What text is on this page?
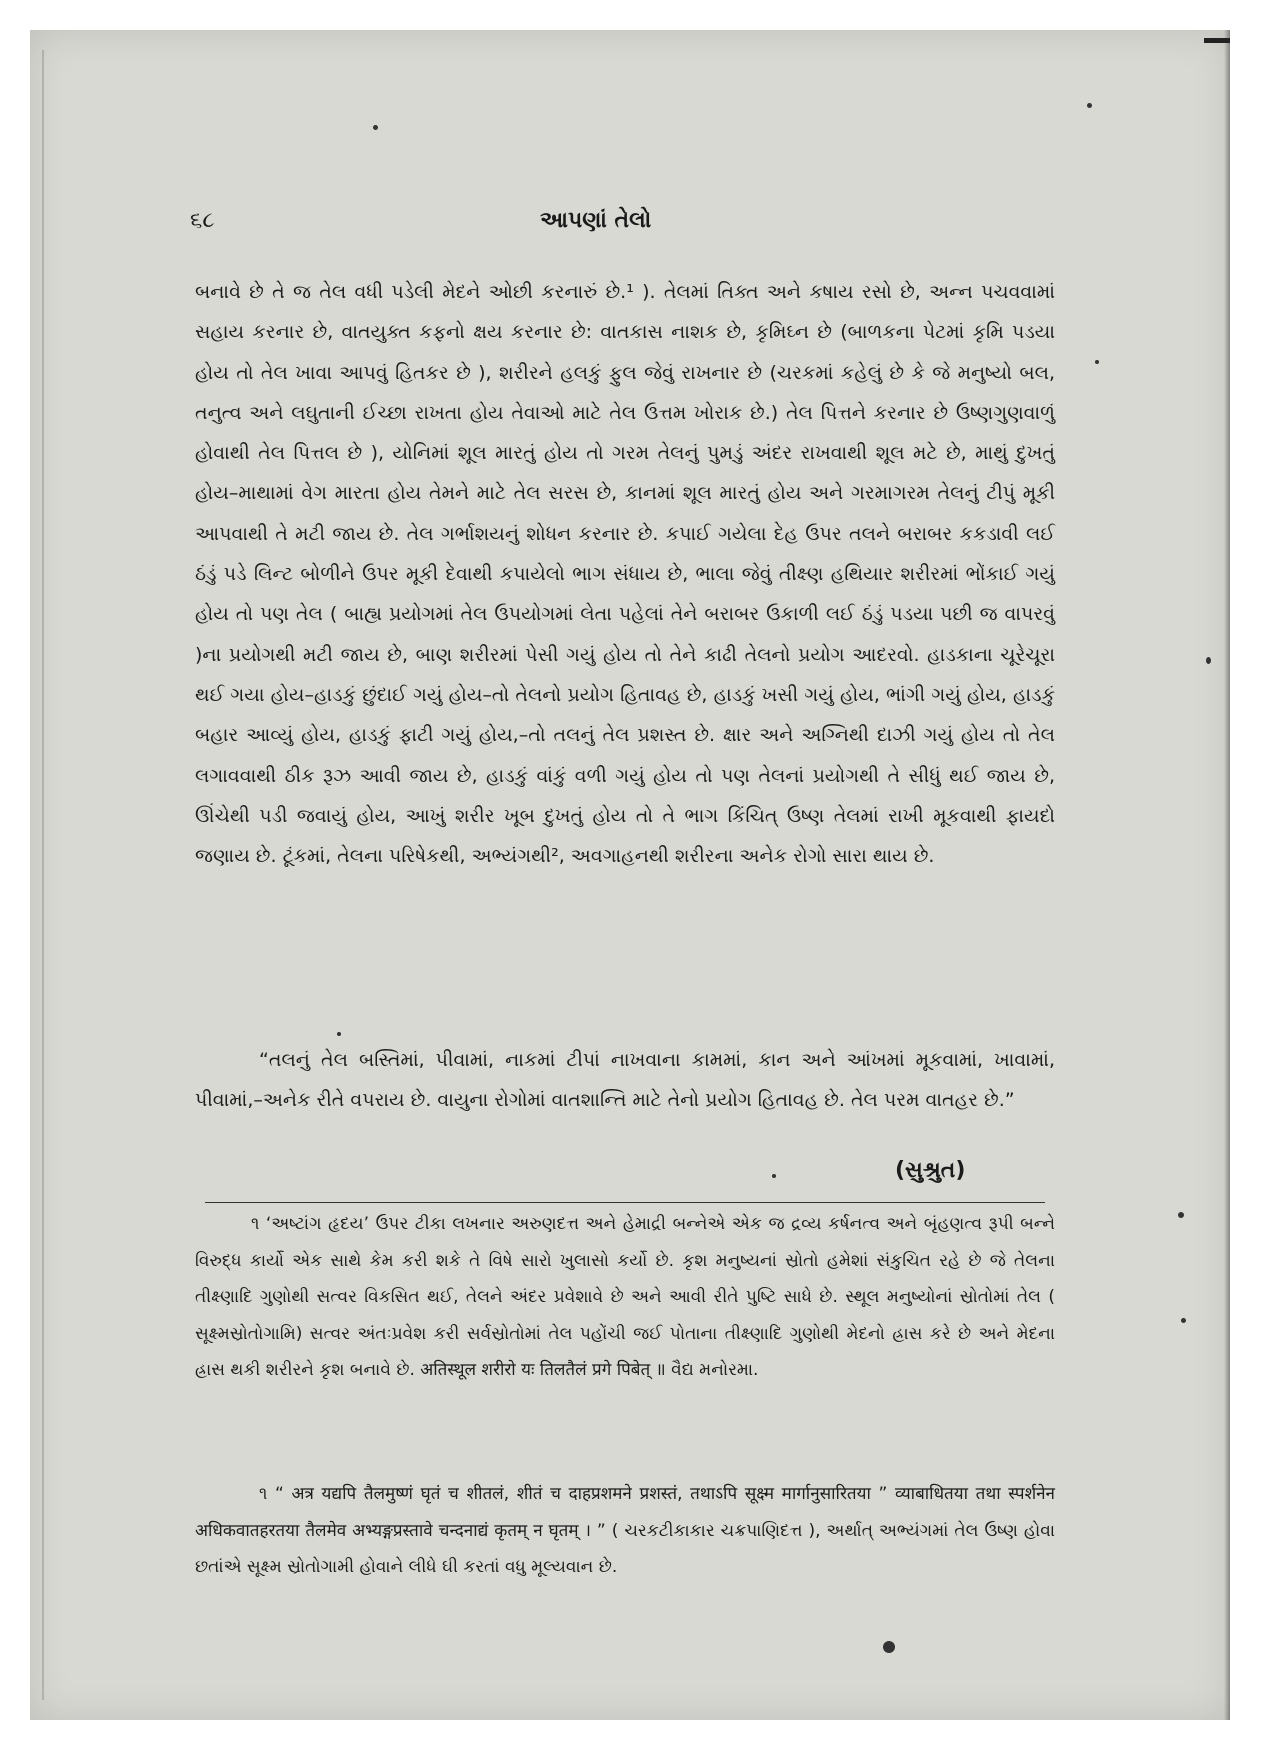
૬૮	આપણાં તેલો

બનાવે છે તે જ તેલ વધી પડેલી મેદને ઓછી કરનારું છે.¹ ). તેલમાં તિક્ત અને કષાય રસો છે, અન્ન પચવવામાં સહાય કરનાર છે, વાતયુક્ત કફનો ક્ષય કરનાર છે: વાતકાસ નાશક છે, કૃમિઘ્ન છે (બાળકના પેટમાં કૃમિ પડયા હોય તો તેલ ખાવા આપવું હિતકર છે ), શરીરને હલકું ફુલ જેવું રાખનાર છે (ચરકમાં કહેલું છે કે જે મનુષ્યો બલ, તનુત્વ અને લઘુતાની ઈચ્છા રાખતા હોય તેવાઓ માટે તેલ ઉત્તમ ખોરાક છે.) તેલ પિત્તને કરનાર છે ઉષ્ણગુણવાળું હોવાથી તેલ પિત્તલ છે ), યોનિમાં શૂલ મારતું હોય તો ગરમ તેલનું પુમડું અંદર રાખવાથી શૂલ મટે છે, માથું દુખતું હોય–માથામાં વેગ મારતા હોય તેમને માટે તેલ સરસ છે, કાનમાં શૂલ મારતું હોય અને ગરમાગરમ તેલનું ટીપું મૂકી આપવાથી તે મટી જાય છે. તેલ ગર્ભાશયનું શોધન કરનાર છે. કપાઈ ગયેલા દેહ ઉપર તલને બરાબર કકડાવી લઈ ઠંડું પડે લિન્ટ બોળીને ઉપર મૂકી દેવાથી કપાયેલો ભાગ સંધાય છે, ભાલા જેવું તીક્ષ્ણ હથિયાર શરીરમાં ભોંકાઈ ગયું હોય તો પણ તેલ ( બાહ્ય પ્રયોગમાં તેલ ઉપયોગમાં લેતા પહેલાં તેને બરાબર ઉકાળી લઈ ઠંડું પડયા પછી જ વાપરવું )ના પ્રયોગથી મટી જાય છે, બાણ શરીરમાં પેસી ગયું હોય તો તેને કાઢી તેલનો પ્રયોગ આદરવો. હાડકાના ચૂરેચૂરા થઈ ગયા હોય–હાડકું છુંદાઈ ગયું હોય–તો તેલનો પ્રયોગ હિતાવહ છે, હાડકું ખસી ગયું હોય, ભાંગી ગયું હોય, હાડકું બહાર આવ્યું હોય, હાડકું ફાટી ગયું હોય,–તો તલનું તેલ પ્રશસ્ત છે. ક્ષાર અને અગ્નિથી દાઝી ગયું હોય તો તેલ લગાવવાથી ઠીક રૂઝ આવી જાય છે, હાડકું વાંકું વળી ગયું હોય તો પણ તેલનાં પ્રયોગથી તે સીધું થઈ જાય છે, ઊંચેથી પડી જવાયું હોય, આખું શરીર ખૂબ દુખતું હોય તો તે ભાગ કિંચિત્ ઉષ્ણ તેલમાં રાખી મૂકવાથી ફાયદો જણાય છે. ટૂંકમાં, તેલના પરિષેકથી, અભ્યંગથી², અવગાહનથી શરીરના અનેક રોગો સારા થાય છે.

“તલનું તેલ બસ્તિમાં, પીવામાં, નાકમાં ટીપાં નાખવાના કામમાં, કાન અને આંખમાં મૂકવામાં, ખાવામાં, પીવામાં,–અનેક રીતે વપરાય છે. વાયુના રોગોમાં વાતશાન્તિ માટે તેનો પ્રયોગ હિતાવહ છે. તેલ પરમ વાતહર છે.”

(સુશ્રુત)

૧ ‘અષ્ટાંગ હૃદય’ ઉપર ટીકા લખનાર અરુણદત્ત અને હેમાદ્રી બન્નેએ એક જ દ્રવ્ય કર્ષનત્વ અને બૃંહણત્વ રૂપી બન્ને વિરુદ્ધ કાર્યો એક સાથે કેમ કરી શકે તે વિષે સારો ખુલાસો કર્યો છે. કૃશ મનુષ્યનાં સ્રોતો હમેશાં સંકુચિત રહે છે જે તેલના તીક્ષ્ણાદિ ગુણોથી સત્વર વિકસિત થઈ, તેલને અંદર પ્રવેશાવે છે અને આવી રીતે પુષ્ટિ સાધે છે. સ્થૂલ મનુષ્યોનાં સ્રોતોમાં તેલ ( સૂક્ષ્મસ્રોતોગામિ) સત્વર અંતઃપ્રવેશ કરી સર્વસ્રોતોમાં તેલ પહોંચી જઈ પોતાના તીક્ષ્ણાદિ ગુણોથી મેદનો હ્રાસ કરે છે અને મેદના હ્રાસ થકી શરીરને કૃશ બનાવે છે. अतिस्थूल शरीरो यः तिलतैलं प्रगे पिबेत् ॥ વૈદ્ય મનોરમા.

૧ “ अत्र यद्यपि तैलमुष्णं घृतं च शीतलं, शीतं च दाहप्रशमने प्रशस्तं, तथाऽपि सूक्ष्म मार्गानुसारितया ” व्याबाधितया तथा स्पर्शनेन अधिकवातहरतया तैलमेव अभ्यङ्गप्रस्तावे चन्दनाद्यं कृतम् न घृतम् । ” ( ચરકટીકાકાર ચક્રપાણિદત્ત ), અર્થાત્ અભ્યંગમાં તેલ ઉષ્ણ હોવા છતાંએ સૂક્ષ્મ સ્રોતોગામી હોવાને લીધે ઘી કરતાં વધુ મૂલ્યવાન છે.
